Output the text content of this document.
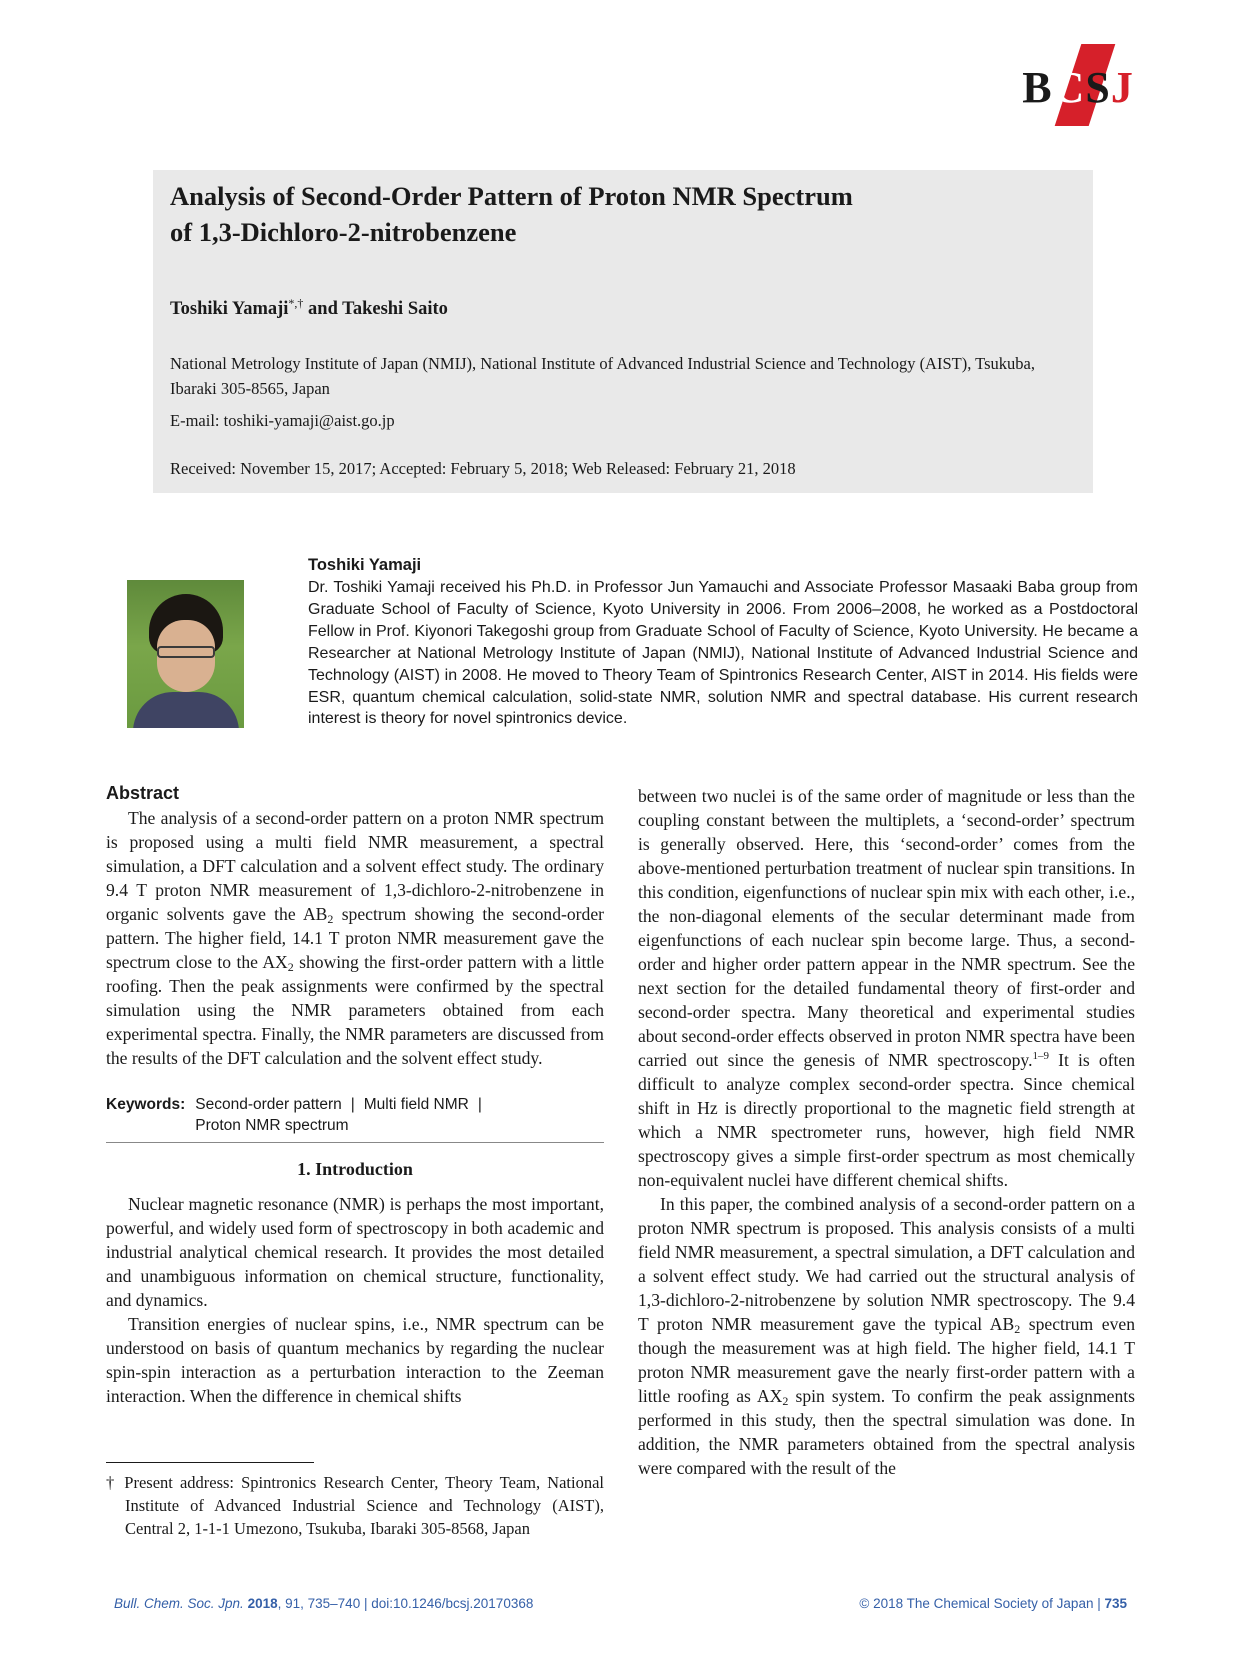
BCSJ
Analysis of Second-Order Pattern of Proton NMR Spectrum
of 1,3-Dichloro-2-nitrobenzene
Toshiki Yamaji*,† and Takeshi Saito
National Metrology Institute of Japan (NMIJ), National Institute of Advanced Industrial Science and Technology (AIST), Tsukuba, Ibaraki 305-8565, Japan
E-mail: toshiki-yamaji@aist.go.jp
Received: November 15, 2017; Accepted: February 5, 2018; Web Released: February 21, 2018
Toshiki Yamaji
Dr. Toshiki Yamaji received his Ph.D. in Professor Jun Yamauchi and Associate Professor Masaaki Baba group from Graduate School of Faculty of Science, Kyoto University in 2006. From 2006–2008, he worked as a Postdoctoral Fellow in Prof. Kiyonori Takegoshi group from Graduate School of Faculty of Science, Kyoto University. He became a Researcher at National Metrology Institute of Japan (NMIJ), National Institute of Advanced Industrial Science and Technology (AIST) in 2008. He moved to Theory Team of Spintronics Research Center, AIST in 2014. His fields were ESR, quantum chemical calculation, solid-state NMR, solution NMR and spectral database. His current research interest is theory for novel spintronics device.
Abstract

The analysis of a second-order pattern on a proton NMR spectrum is proposed using a multi field NMR measurement, a spectral simulation, a DFT calculation and a solvent effect study. The ordinary 9.4 T proton NMR measurement of 1,3-dichloro-2-nitrobenzene in organic solvents gave the $AB_2$ spectrum showing the second-order pattern. The higher field, 14.1 T proton NMR measurement gave the spectrum close to the $AX_2$ showing the first-order pattern with a little roofing. Then the peak assignments were confirmed by the spectral simulation using the NMR parameters obtained from each experimental spectra. Finally, the NMR parameters are discussed from the results of the DFT calculation and the solvent effect study.

Keywords: Second-order pattern | Multi field NMR |
Proton NMR spectrum
1. Introduction

Nuclear magnetic resonance (NMR) is perhaps the most important, powerful, and widely used form of spectroscopy in both academic and industrial analytical chemical research. It provides the most detailed and unambiguous information on chemical structure, functionality, and dynamics.

Transition energies of nuclear spins, i.e., NMR spectrum can be understood on basis of quantum mechanics by regarding the nuclear spin-spin interaction as a perturbation interaction to the Zeeman interaction. When the difference in chemical shifts

between two nuclei is of the same order of magnitude or less than the coupling constant between the multiplets, a ‘second-order’ spectrum is generally observed. Here, this ‘second-order’ comes from the above-mentioned perturbation treatment of nuclear spin transitions. In this condition, eigenfunctions of nuclear spin mix with each other, i.e., the non-diagonal elements of the secular determinant made from eigenfunctions of each nuclear spin become large. Thus, a second-order and higher order pattern appear in the NMR spectrum. See the next section for the detailed fundamental theory of first-order and second-order spectra. Many theoretical and experimental studies about second-order effects observed in proton NMR spectra have been carried out since the genesis of NMR spectroscopy.$^{1-9}$ It is often difficult to analyze complex second-order spectra. Since chemical shift in Hz is directly proportional to the magnetic field strength at which a NMR spectrometer runs, however, high field NMR spectroscopy gives a simple first-order spectrum as most chemically non-equivalent nuclei have different chemical shifts.

In this paper, the combined analysis of a second-order pattern on a proton NMR spectrum is proposed. This analysis consists of a multi field NMR measurement, a spectral simulation, a DFT calculation and a solvent effect study. We had carried out the structural analysis of 1,3-dichloro-2-nitrobenzene by solution NMR spectroscopy. The 9.4 T proton NMR measurement gave the typical $AB_2$ spectrum even though the measurement was at high field. The higher field, 14.1 T proton NMR measurement gave the nearly first-order pattern with a little roofing as $AX_2$ spin system. To confirm the peak assignments performed in this study, then the spectral simulation was done. In addition, the NMR parameters obtained from the spectral analysis were compared with the result of the

† Present address: Spintronics Research Center, Theory Team, National Institute of Advanced Industrial Science and Technology (AIST), Central 2, 1-1-1 Umezono, Tsukuba, Ibaraki 305-8568, Japan
Bull. Chem. Soc. Jpn. 2018, 91, 735–740 | doi:10.1246/bcsj.20170368	© 2018 The Chemical Society of Japan | 735
